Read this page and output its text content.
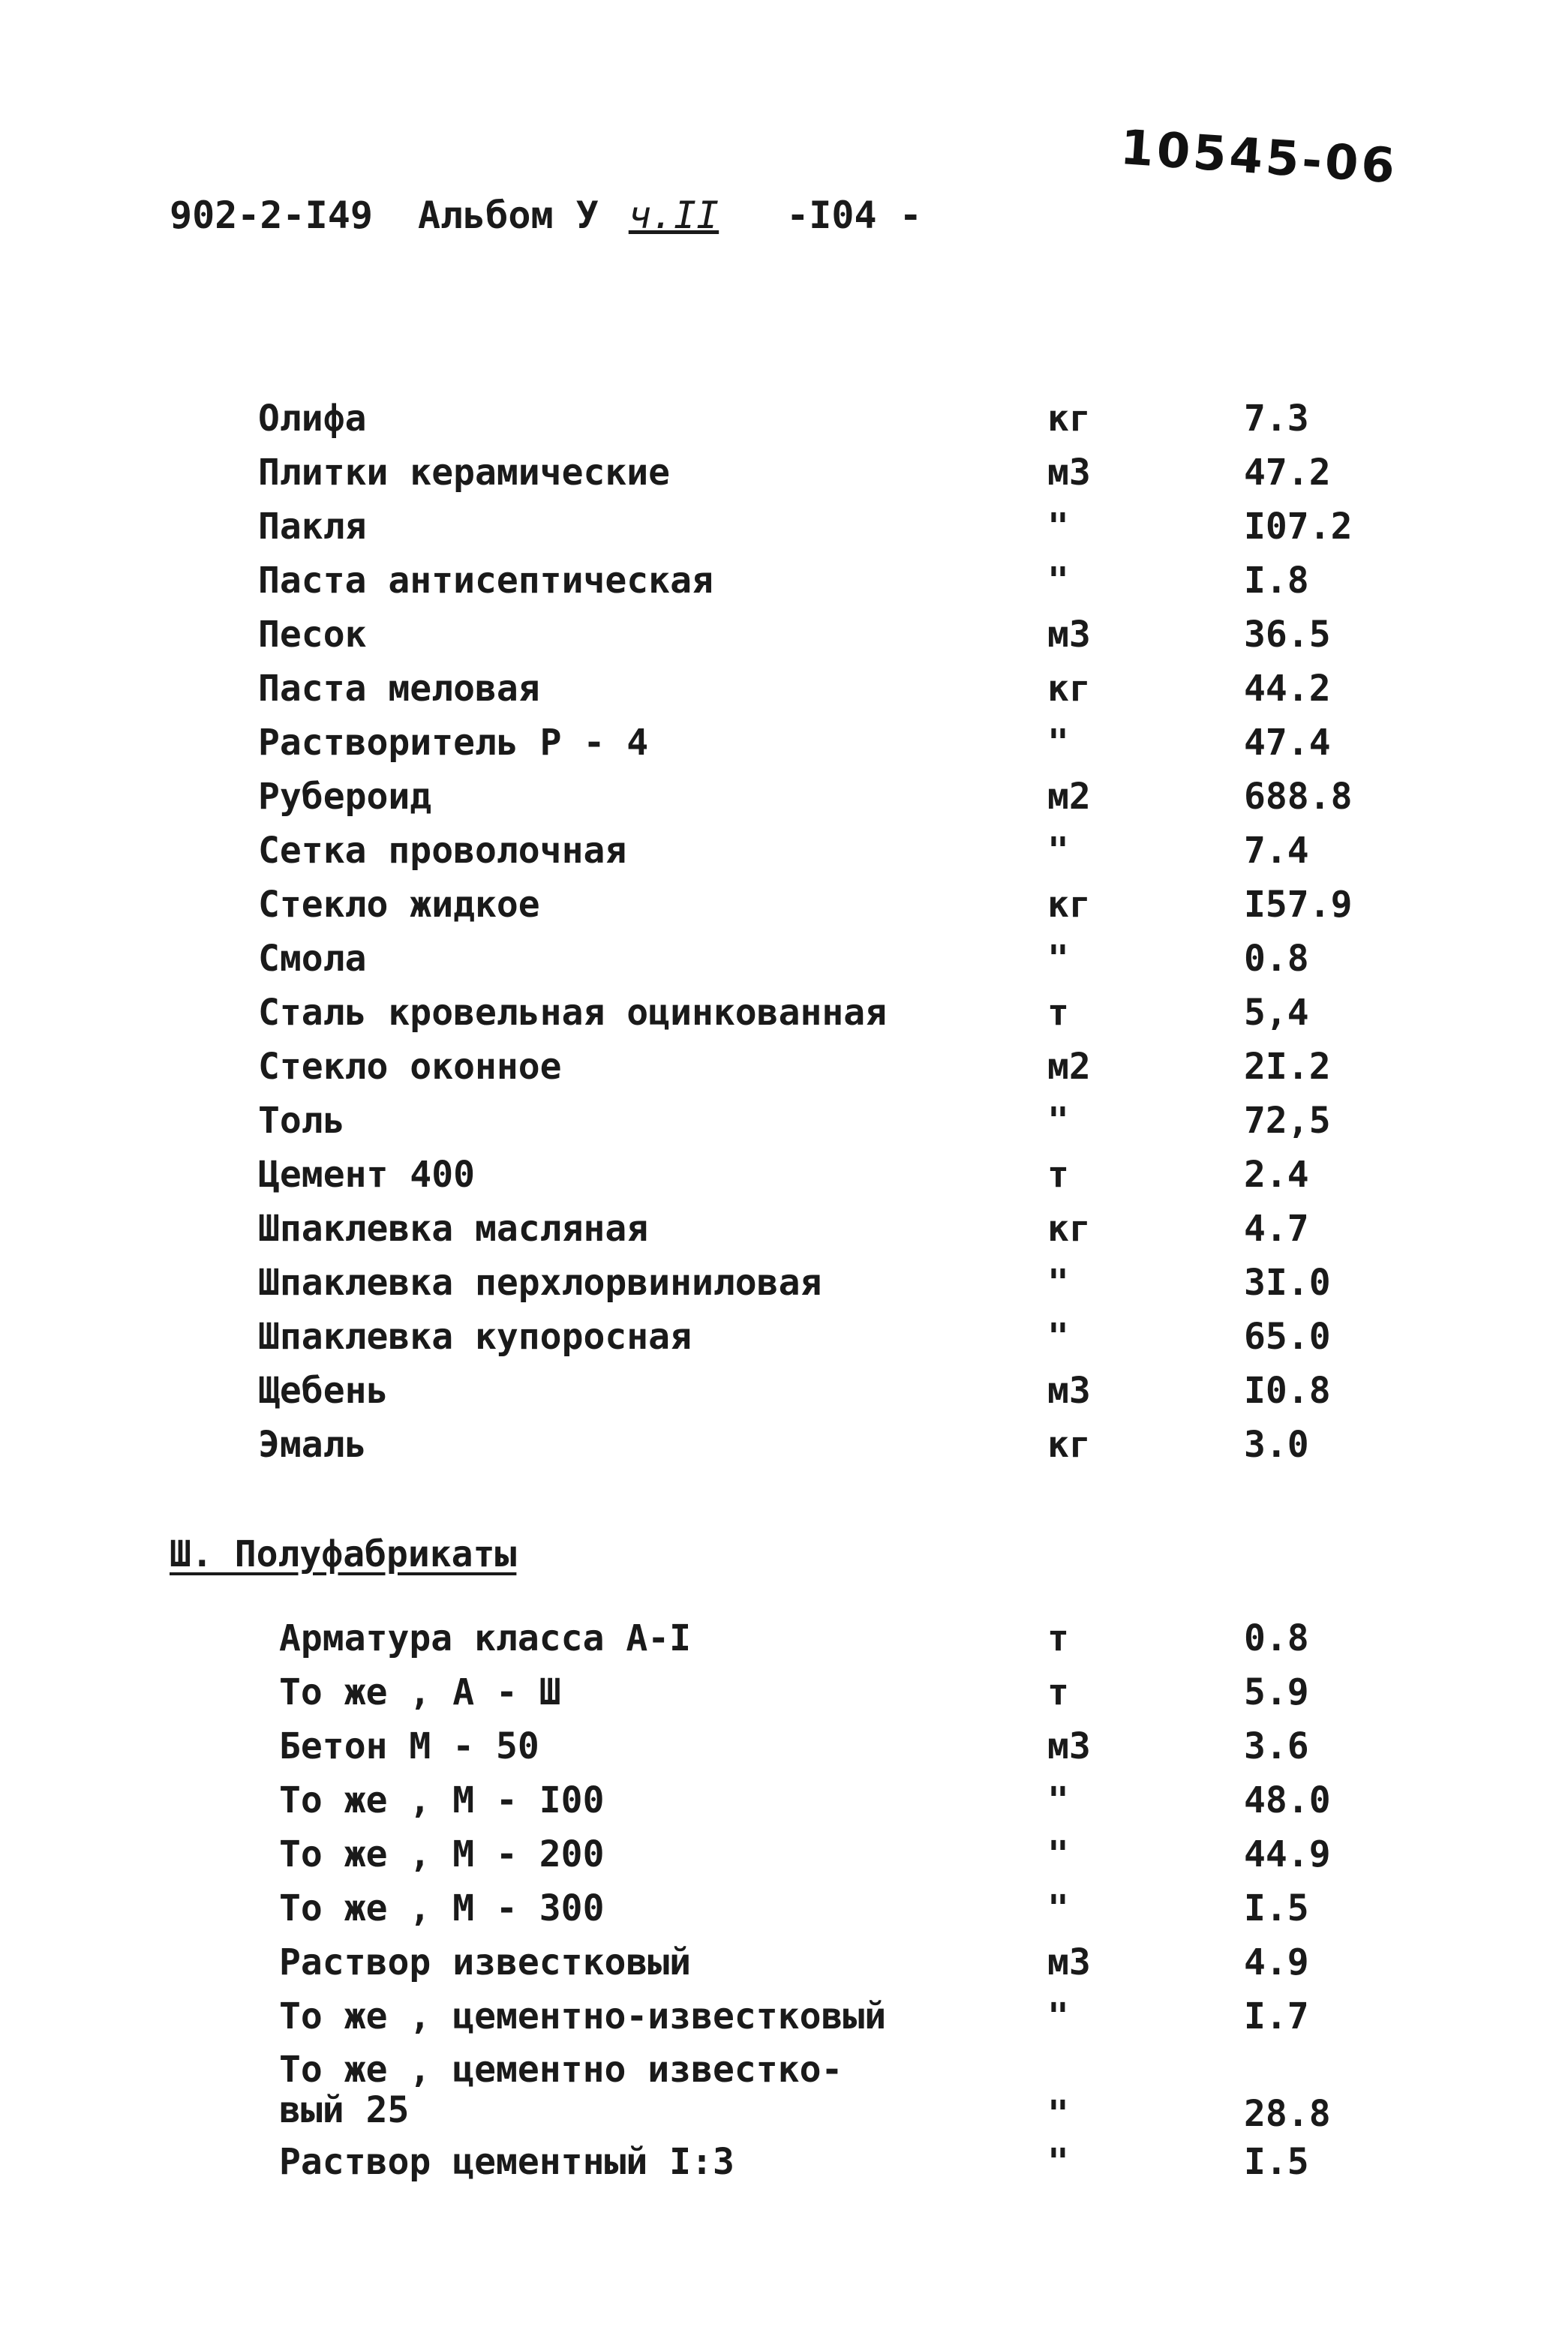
10545-06
902-2-I49 Альбом У ч.II -I04 -
Олифа	кг	7.3
Плитки керамические	м3	47.2
Пакля	"	I07.2
Паста антисептическая	"	I.8
Песок	м3	36.5
Паста меловая	кг	44.2
Растворитель Р - 4	"	47.4
Рубероид	м2	688.8
Сетка проволочная	"	7.4
Стекло жидкое	кг	I57.9
Смола	"	0.8
Сталь кровельная оцинкованная	т	5,4
Стекло оконное	м2	2I.2
Толь	"	72,5
Цемент 400	т	2.4
Шпаклевка масляная	кг	4.7
Шпаклевка перхлорвиниловая	"	3I.0
Шпаклевка купоросная	"	65.0
Щебень	м3	I0.8
Эмаль	кг	3.0
Ш. Полуфабрикаты
Арматура класса А-I	т	0.8
То же , А - Ш	т	5.9
Бетон М - 50	м3	3.6
То же , М - I00	"	48.0
То же , М - 200	"	44.9
То же , М - 300	"	I.5
Раствор известковый	м3	4.9
То же , цементно-известковый	"	I.7
То же , цементно известко-
вый 25	"	28.8
Раствор цементный I:3	"	I.5
